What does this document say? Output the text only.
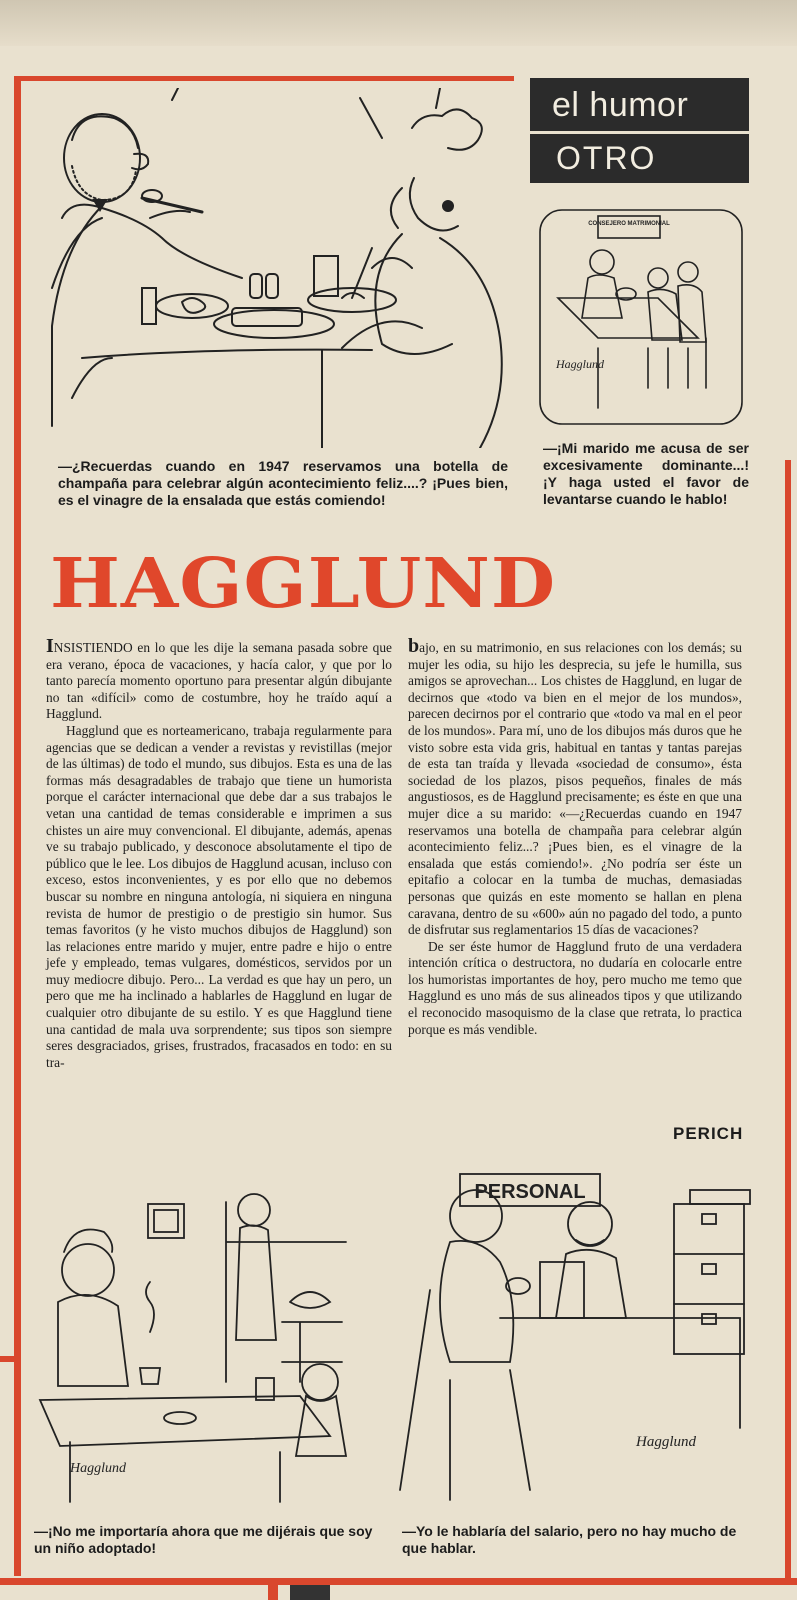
el humor
OTRO
CONSEJERO MATRIMONIAL
Hagglund

—¿Recuerdas cuando en 1947 reservamos una botella de champaña para celebrar algún acontecimiento feliz....? ¡Pues bien, es el vinagre de la ensalada que estás comiendo!

—¡Mi marido me acusa de ser excesivamente dominante...! ¡Y haga usted el favor de levantarse cuando le hablo!

HAGGLUND

INSISTIENDO en lo que les dije la semana pasada sobre que era verano, época de vacaciones, y hacía calor, y que por lo tanto parecía momento oportuno para presentar algún dibujante no tan «difícil» como de costumbre, hoy he traído aquí a Hagglund.

Hagglund que es norteamericano, trabaja regularmente para agencias que se dedican a vender a revistas y revistillas (mejor de las últimas) de todo el mundo, sus dibujos. Esta es una de las formas más desagradables de trabajo que tiene un humorista porque el carácter internacional que debe dar a sus trabajos le vetan una cantidad de temas considerable e imprimen a sus chistes un aire muy convencional. El dibujante, además, apenas ve su trabajo publicado, y desconoce absolutamente el tipo de público que le lee. Los dibujos de Hagglund acusan, incluso con exceso, estos inconvenientes, y es por ello que no debemos buscar su nombre en ninguna antología, ni siquiera en ninguna revista de humor de prestigio o de prestigio sin humor. Sus temas favoritos (y he visto muchos dibujos de Hagglund) son las relaciones entre marido y mujer, entre padre e hijo o entre jefe y empleado, temas vulgares, domésticos, servidos por un muy mediocre dibujo. Pero... La verdad es que hay un pero, un pero que me ha inclinado a hablarles de Hagglund en lugar de cualquier otro dibujante de su estilo. Y es que Hagglund tiene una cantidad de mala uva sorprendente; sus tipos son siempre seres desgraciados, grises, frustrados, fracasados en todo: en su tra-

bajo, en su matrimonio, en sus relaciones con los demás; su mujer les odia, su hijo les desprecia, su jefe le humilla, sus amigos se aprovechan... Los chistes de Hagglund, en lugar de decirnos que «todo va bien en el mejor de los mundos», parecen decirnos por el contrario que «todo va mal en el peor de los mundos». Para mí, uno de los dibujos más duros que he visto sobre esta vida gris, habitual en tantas y tantas parejas de esta tan traída y llevada «sociedad de consumo», ésta sociedad de los plazos, pisos pequeños, finales de más angustiosos, es de Hagglund precisamente; es éste en que una mujer dice a su marido: «—¿Recuerdas cuando en 1947 reservamos una botella de champaña para celebrar algún acontecimiento feliz...? ¡Pues bien, es el vinagre de la ensalada que estás comiendo!». ¿No podría ser éste un epitafio a colocar en la tumba de muchas, demasiadas personas que quizás en este momento se hallan en plena caravana, dentro de su «600» aún no pagado del todo, a punto de disfrutar sus reglamentarios 15 días de vacaciones?

De ser éste humor de Hagglund fruto de una verdadera intención crítica o destructora, no dudaría en colocarle entre los humoristas importantes de hoy, pero mucho me temo que Hagglund es uno más de sus alineados tipos y que utilizando el reconocido masoquismo de la clase que retrata, lo practica porque es más vendible.

PERICH
Hagglund
PERSONAL
Hagglund

—¡No me importaría ahora que me dijérais que soy un niño adoptado!

—Yo le hablaría del salario, pero no hay mucho de que hablar.
